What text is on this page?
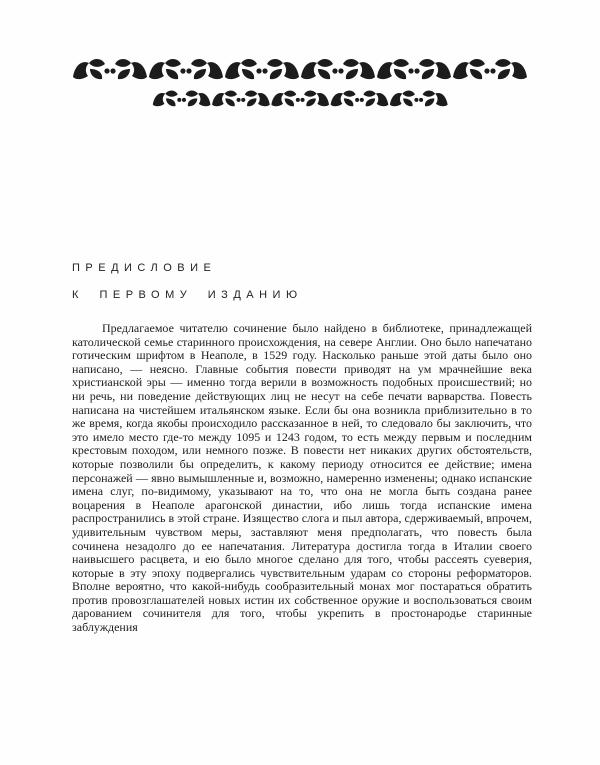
ПРЕДИСЛОВИЕ
К ПЕРВОМУ ИЗДАНИЮ

Предлагаемое читателю сочинение было найдено в библиотеке, принадлежащей католической семье старинного происхождения, на севере Англии. Оно было напечатано готическим шрифтом в Неаполе, в 1529 году. Насколько раньше этой даты было оно написано, — неясно. Главные события повести приводят на ум мрачнейшие века христианской эры — именно тогда верили в возможность подобных происшествий; но ни речь, ни поведение действующих лиц не несут на себе печати варварства. Повесть написана на чистейшем итальянском языке. Если бы она возникла приблизительно в то же время, когда якобы происходило рассказанное в ней, то следовало бы заключить, что это имело место где-то между 1095 и 1243 годом, то есть между первым и последним крестовым походом, или немного позже. В повести нет никаких других обстоятельств, которые позволили бы определить, к какому периоду относится ее действие; имена персонажей — явно вымышленные и, возможно, намеренно изменены; однако испанские имена слуг, по-видимому, указывают на то, что она не могла быть создана ранее воцарения в Неаполе арагонской династии, ибо лишь тогда испанские имена распространились в этой стране. Изящество слога и пыл автора, сдерживаемый, впрочем, удивительным чувством меры, заставляют меня предполагать, что повесть была сочинена незадолго до ее напечатания. Литература достигла тогда в Италии своего наивысшего расцвета, и ею было многое сделано для того, чтобы рассеять суеверия, которые в эту эпоху подвергались чувствительным ударам со стороны реформаторов. Вполне вероятно, что какой-нибудь сообразительный монах мог постараться обратить против провозглашателей новых истин их собственное оружие и воспользоваться своим дарованием сочинителя для того, чтобы укрепить в простонародье старинные заблуждения
